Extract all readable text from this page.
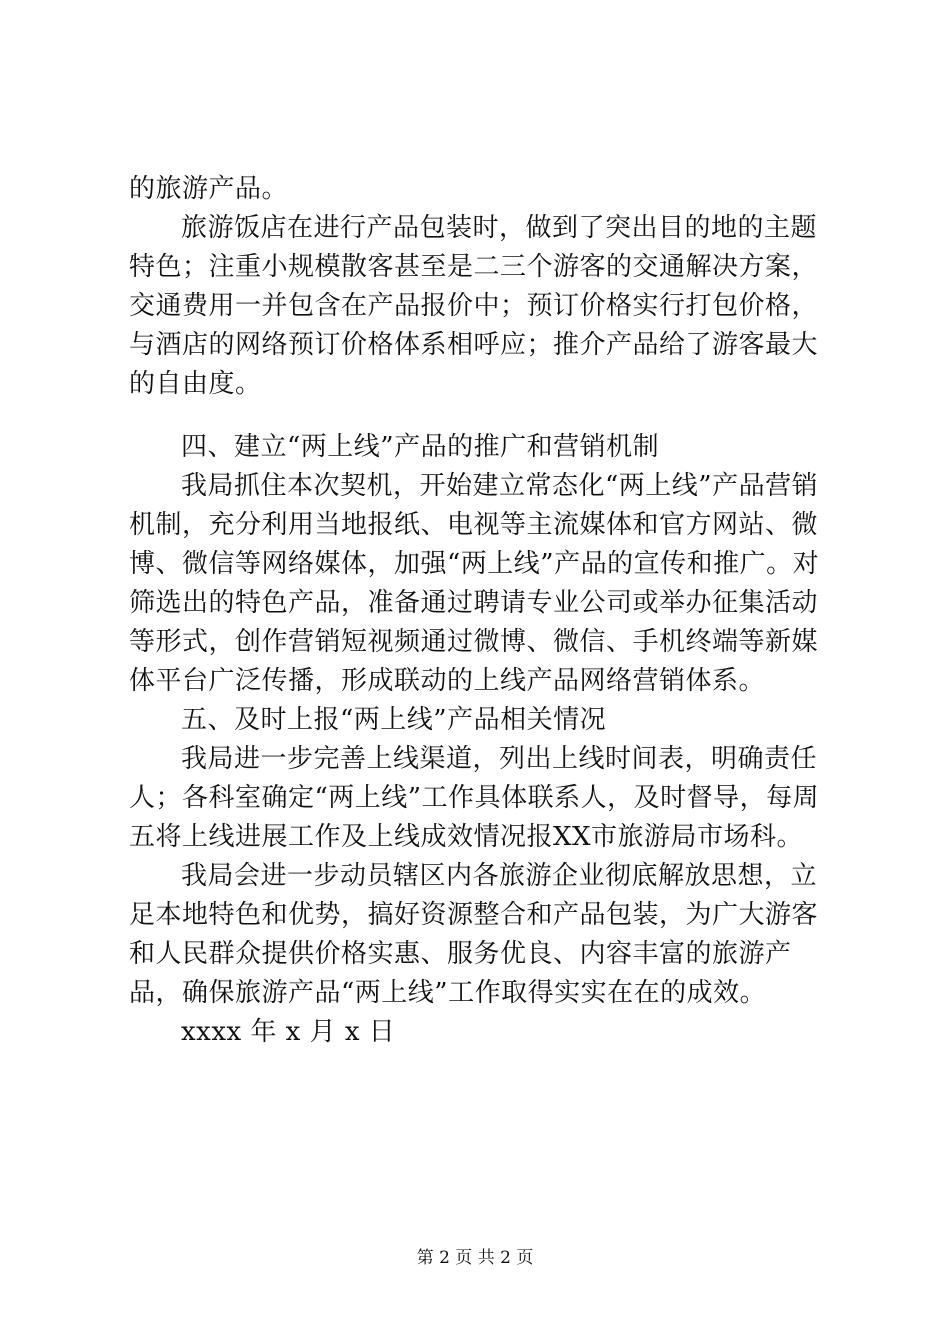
的旅游产品。

旅游饭店在进行产品包装时，做到了突出目的地的主题特色；注重小规模散客甚至是二三个游客的交通解决方案，交通费用一并包含在产品报价中；预订价格实行打包价格，与酒店的网络预订价格体系相呼应；推介产品给了游客最大的自由度。

四、建立“两上线”产品的推广和营销机制

我局抓住本次契机，开始建立常态化“两上线”产品营销机制，充分利用当地报纸、电视等主流媒体和官方网站、微博、微信等网络媒体，加强“两上线”产品的宣传和推广。对筛选出的特色产品，准备通过聘请专业公司或举办征集活动等形式，创作营销短视频通过微博、微信、手机终端等新媒体平台广泛传播，形成联动的上线产品网络营销体系。

五、及时上报“两上线”产品相关情况

我局进一步完善上线渠道，列出上线时间表，明确责任人；各科室确定“两上线”工作具体联系人，及时督导，每周五将上线进展工作及上线成效情况报XX市旅游局市场科。

我局会进一步动员辖区内各旅游企业彻底解放思想，立足本地特色和优势，搞好资源整合和产品包装，为广大游客和人民群众提供价格实惠、服务优良、内容丰富的旅游产品，确保旅游产品“两上线”工作取得实实在在的成效。

xxxx 年 x 月 x 日

第 2 页 共 2 页
